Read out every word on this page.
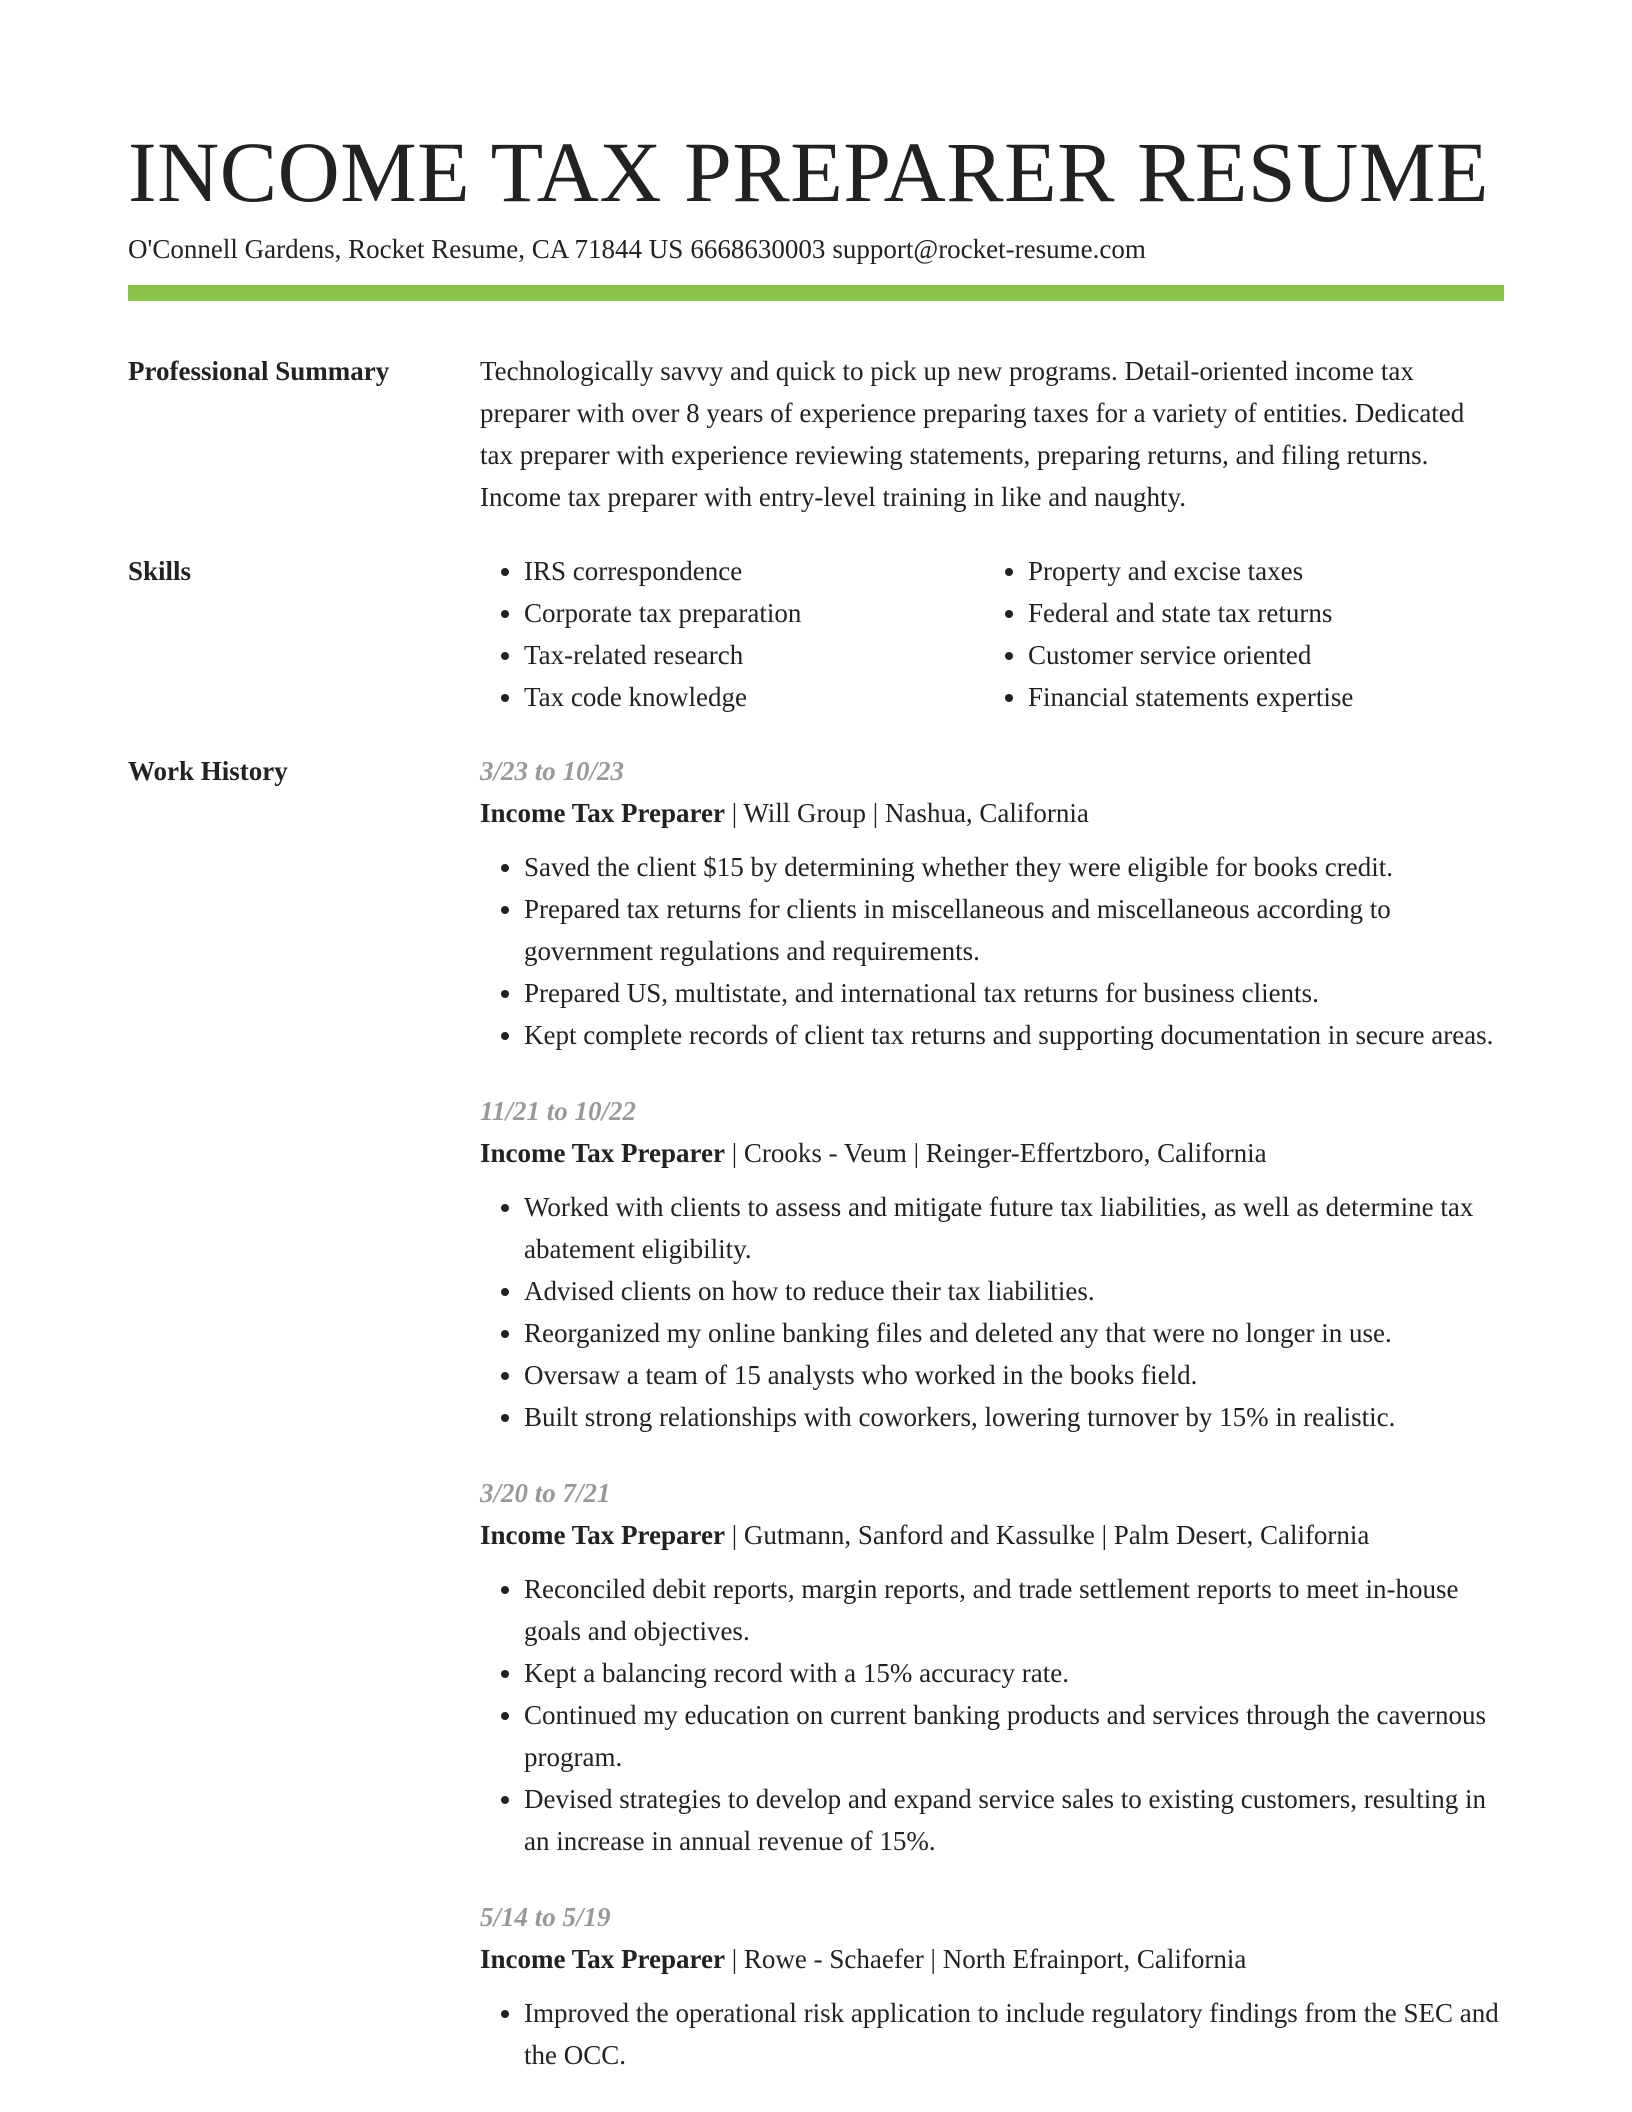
INCOME TAX PREPARER RESUME
O'Connell Gardens, Rocket Resume, CA 71844 US 6668630003 support@rocket-resume.com
Professional Summary	Technologically savvy and quick to pick up new programs. Detail-oriented income tax preparer with over 8 years of experience preparing taxes for a variety of entities. Dedicated tax preparer with experience reviewing statements, preparing returns, and filing returns. Income tax preparer with entry-level training in like and naughty.

Skills
•	IRS correspondence
• Corporate tax preparation
• Tax-related research
• Tax code knowledge
• Property and excise taxes
• Federal and state tax returns
• Customer service oriented
• Financial statements expertise
Work History	3/23 to 10/23
Income Tax Preparer | Will Group | Nashua, California
• Saved the client $15 by determining whether they were eligible for books credit.
• Prepared tax returns for clients in miscellaneous and miscellaneous according to government regulations and requirements.
• Prepared US, multistate, and international tax returns for business clients.
• Kept complete records of client tax returns and supporting documentation in secure areas.
11/21 to 10/22
Income Tax Preparer | Crooks - Veum | Reinger-Effertzboro, California
• Worked with clients to assess and mitigate future tax liabilities, as well as determine tax abatement eligibility.
• Advised clients on how to reduce their tax liabilities.
• Reorganized my online banking files and deleted any that were no longer in use.
• Oversaw a team of 15 analysts who worked in the books field.
• Built strong relationships with coworkers, lowering turnover by 15% in realistic.
3/20 to 7/21
Income Tax Preparer | Gutmann, Sanford and Kassulke | Palm Desert, California
• Reconciled debit reports, margin reports, and trade settlement reports to meet in-house goals and objectives.
• Kept a balancing record with a 15% accuracy rate.
• Continued my education on current banking products and services through the cavernous program.
• Devised strategies to develop and expand service sales to existing customers, resulting in an increase in annual revenue of 15%.
5/14 to 5/19
Income Tax Preparer | Rowe - Schaefer | North Efrainport, California
• Improved the operational risk application to include regulatory findings from the SEC and the OCC.
